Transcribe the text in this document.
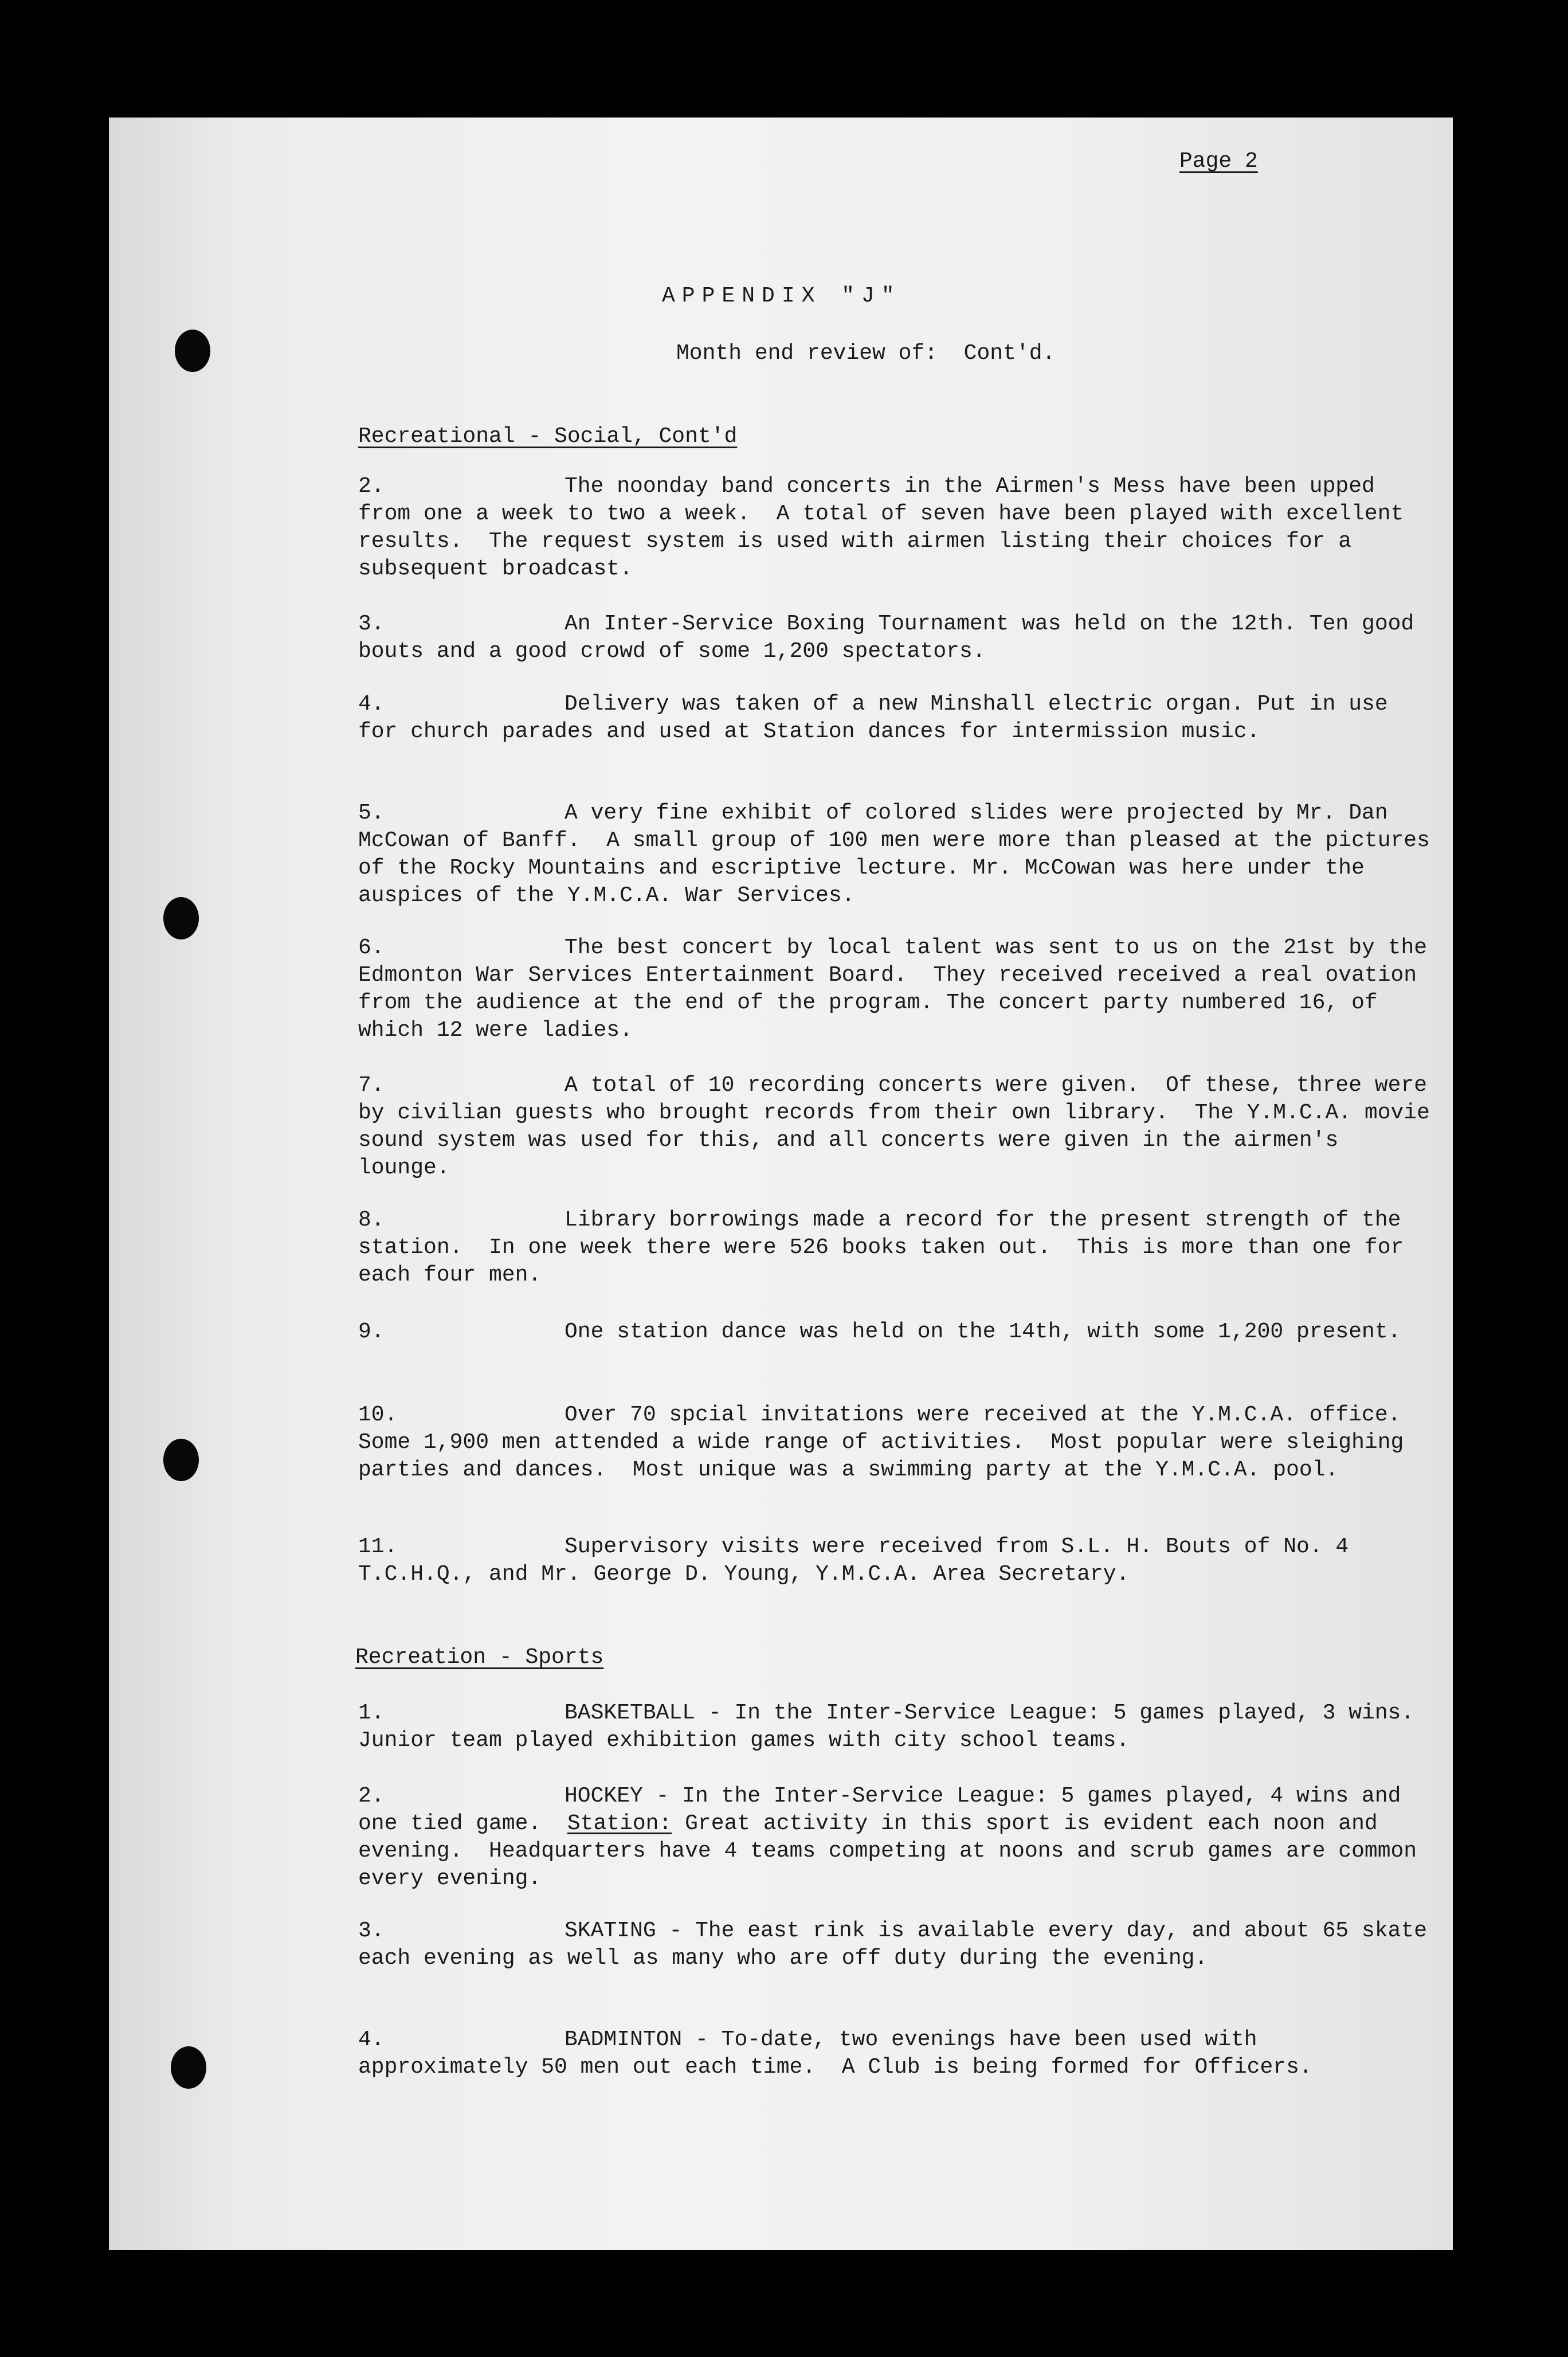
Page 2
APPENDIX "J"
Month end review of:  Cont'd.
Recreational - Social, Cont'd
2.	The noonday band concerts in the Airmen's Mess have been upped from one a week to two a week.  A total of seven have been played with excellent results.  The request system is used with airmen listing their choices for a subsequent broadcast.
3.	An Inter-Service Boxing Tournament was held on the 12th. Ten good bouts and a good crowd of some 1,200 spectators.
4.	Delivery was taken of a new Minshall electric organ. Put in use for church parades and used at Station dances for intermission music.
5.	A very fine exhibit of colored slides were projected by Mr. Dan McCowan of Banff.  A small group of 100 men were more than pleased at the pictures of the Rocky Mountains and escriptive lecture. Mr. McCowan was here under the auspices of the Y.M.C.A. War Services.
6.	The best concert by local talent was sent to us on the 21st by the Edmonton War Services Entertainment Board.  They received received a real ovation from the audience at the end of the program. The concert party numbered 16, of which 12 were ladies.
7.	A total of 10 recording concerts were given.  Of these, three were by civilian guests who brought records from their own library.  The Y.M.C.A. movie sound system was used for this, and all concerts were given in the airmen's lounge.
8.	Library borrowings made a record for the present strength of the station.  In one week there were 526 books taken out.  This is more than one for each four men.
9.	One station dance was held on the 14th, with some 1,200 present.
10.	Over 70 spcial invitations were received at the Y.M.C.A. office.  Some 1,900 men attended a wide range of activities.  Most popular were sleighing parties and dances.  Most unique was a swimming party at the Y.M.C.A. pool.
11.	Supervisory visits were received from S.L. H. Bouts of No. 4 T.C.H.Q., and Mr. George D. Young, Y.M.C.A. Area Secretary.
Recreation - Sports
1.	BASKETBALL - In the Inter-Service League: 5 games played, 3 wins.  Junior team played exhibition games with city school teams.
2.	HOCKEY - In the Inter-Service League: 5 games played, 4 wins and one tied game.  Station: Great activity in this sport is evident each noon and evening.  Headquarters have 4 teams competing at noons and scrub games are common every evening.
3.	SKATING - The east rink is available every day, and about 65 skate each evening as well as many who are off duty during the evening.
4.	BADMINTON - To-date, two evenings have been used with approximately 50 men out each time.  A Club is being formed for Officers.
